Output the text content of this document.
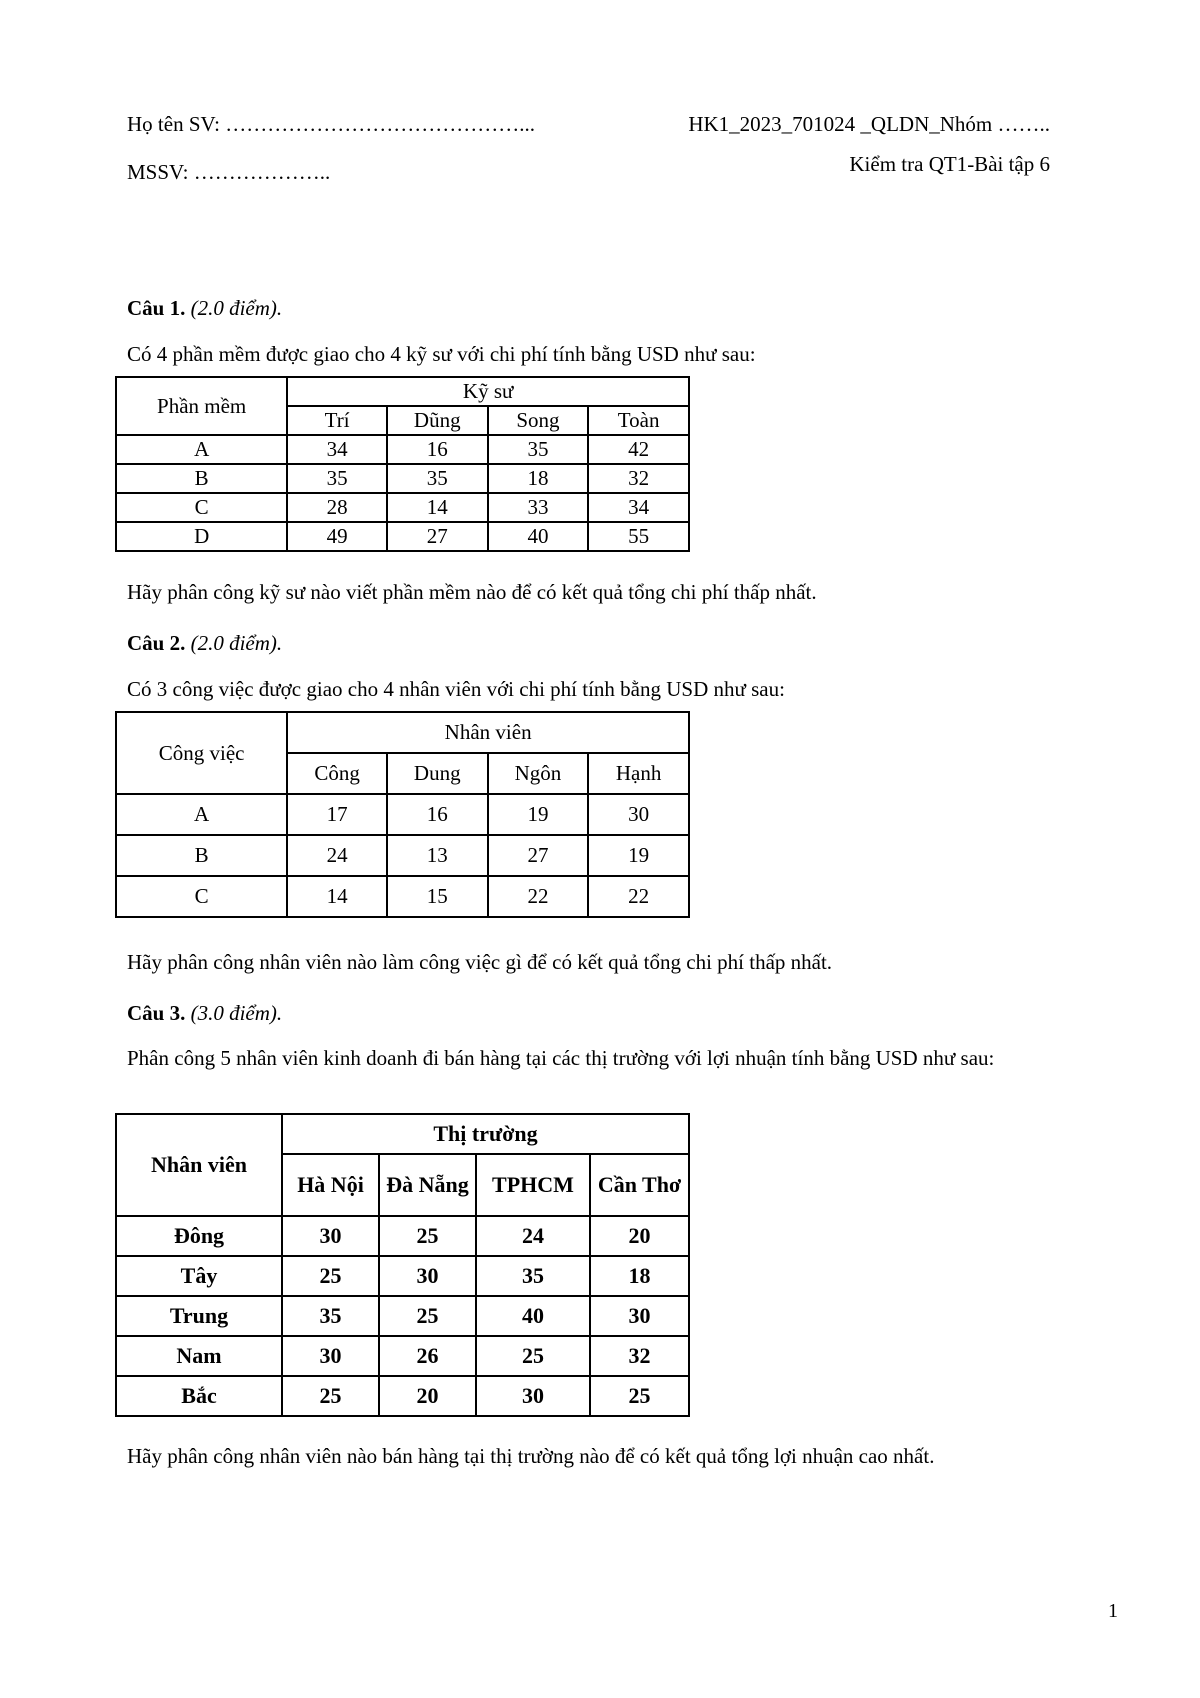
Họ tên SV: ……………………………………...
MSSV: ………………..
HK1_2023_701024 _QLDN_Nhóm ……..
Kiểm tra QT1-Bài tập 6
Câu 1. (2.0 điểm).
Có 4 phần mềm được giao cho 4 kỹ sư với chi phí tính bằng USD như sau:
Phần mềm	Kỹ sư			
	Trí	Dũng	Song	Toàn
A	34	16	35	42
B	35	35	18	32
C	28	14	33	34
D	49	27	40	55
Hãy phân công kỹ sư nào viết phần mềm nào để có kết quả tổng chi phí thấp nhất.
Câu 2. (2.0 điểm).
Có 3 công việc được giao cho 4 nhân viên với chi phí tính bằng USD như sau:
Công việc	Nhân viên			
	Công	Dung	Ngôn	Hạnh
A	17	16	19	30
B	24	13	27	19
C	14	15	22	22
Hãy phân công nhân viên nào làm công việc gì để có kết quả tổng chi phí thấp nhất.
Câu 3. (3.0 điểm).
Phân công 5 nhân viên kinh doanh đi bán hàng tại các thị trường với lợi nhuận tính bằng USD như sau:
Nhân viên	Thị trường			
	Hà Nội	Đà Nẵng	TPHCM	Cần Thơ
Đông	30	25	24	20
Tây	25	30	35	18
Trung	35	25	40	30
Nam	30	26	25	32
Bắc	25	20	30	25
Hãy phân công nhân viên nào bán hàng tại thị trường nào để có kết quả tổng lợi nhuận cao nhất.
1
